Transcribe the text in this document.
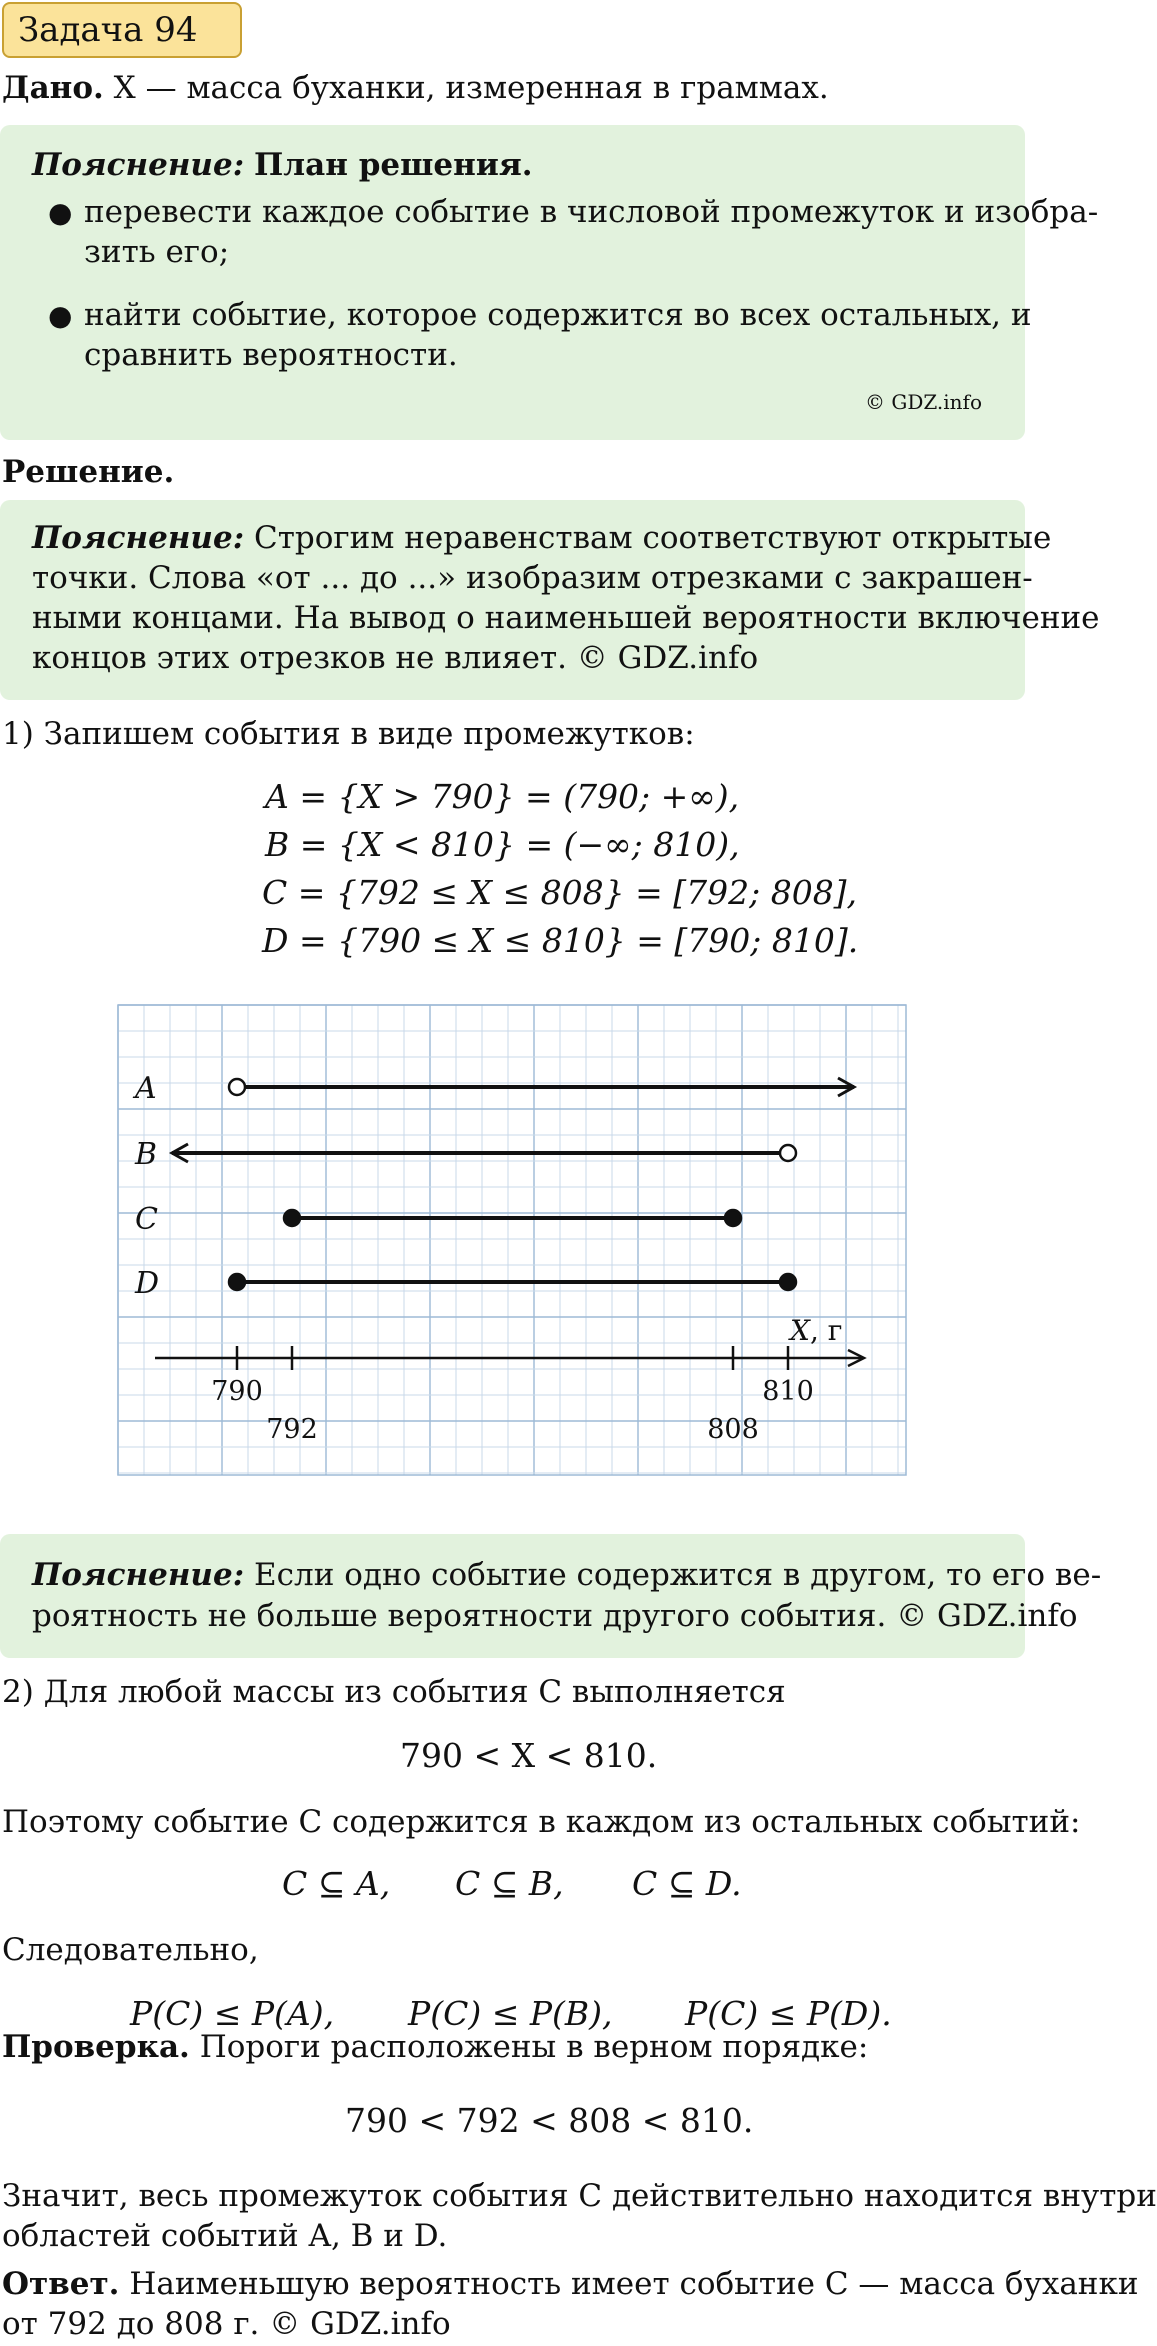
Задача 94
Дано. X — масса буханки, измеренная в граммах.
Пояснение: План решения.
● перевести каждое событие в числовой промежуток и изобра-
зить его;
● найти событие, которое содержится во всех остальных, и
сравнить вероятности.
© GDZ.info
Решение.
Пояснение: Строгим неравенствам соответствуют открытые
точки. Слова «от ... до ...» изобразим отрезками с закрашен-
ными концами. На вывод о наименьшей вероятности включение
концов этих отрезков не влияет. © GDZ.info
1) Запишем события в виде промежутков:
A = {X > 790} = (790; +∞),
B = {X < 810} = (−∞; 810),
C = {792 ≤ X ≤ 808} = [792; 808],
D = {790 ≤ X ≤ 810} = [790; 810].
A
B
C
D
X, г
790
792	808
810
Пояснение: Если одно событие содержится в другом, то его ве-
роятность не больше вероятности другого события. © GDZ.info
2) Для любой массы из события C выполняется
790 < X < 810.
Поэтому событие C содержится в каждом из остальных событий:
C ⊆ A, C ⊆ B, C ⊆ D.
Следовательно,
P(C) ≤ P(A), P(C) ≤ P(B), P(C) ≤ P(D).
Проверка. Пороги расположены в верном порядке:
790 < 792 < 808 < 810.
Значит, весь промежуток события C действительно находится внутри
областей событий A, B и D.
Ответ. Наименьшую вероятность имеет событие C — масса буханки
от 792 до 808 г. © GDZ.info
